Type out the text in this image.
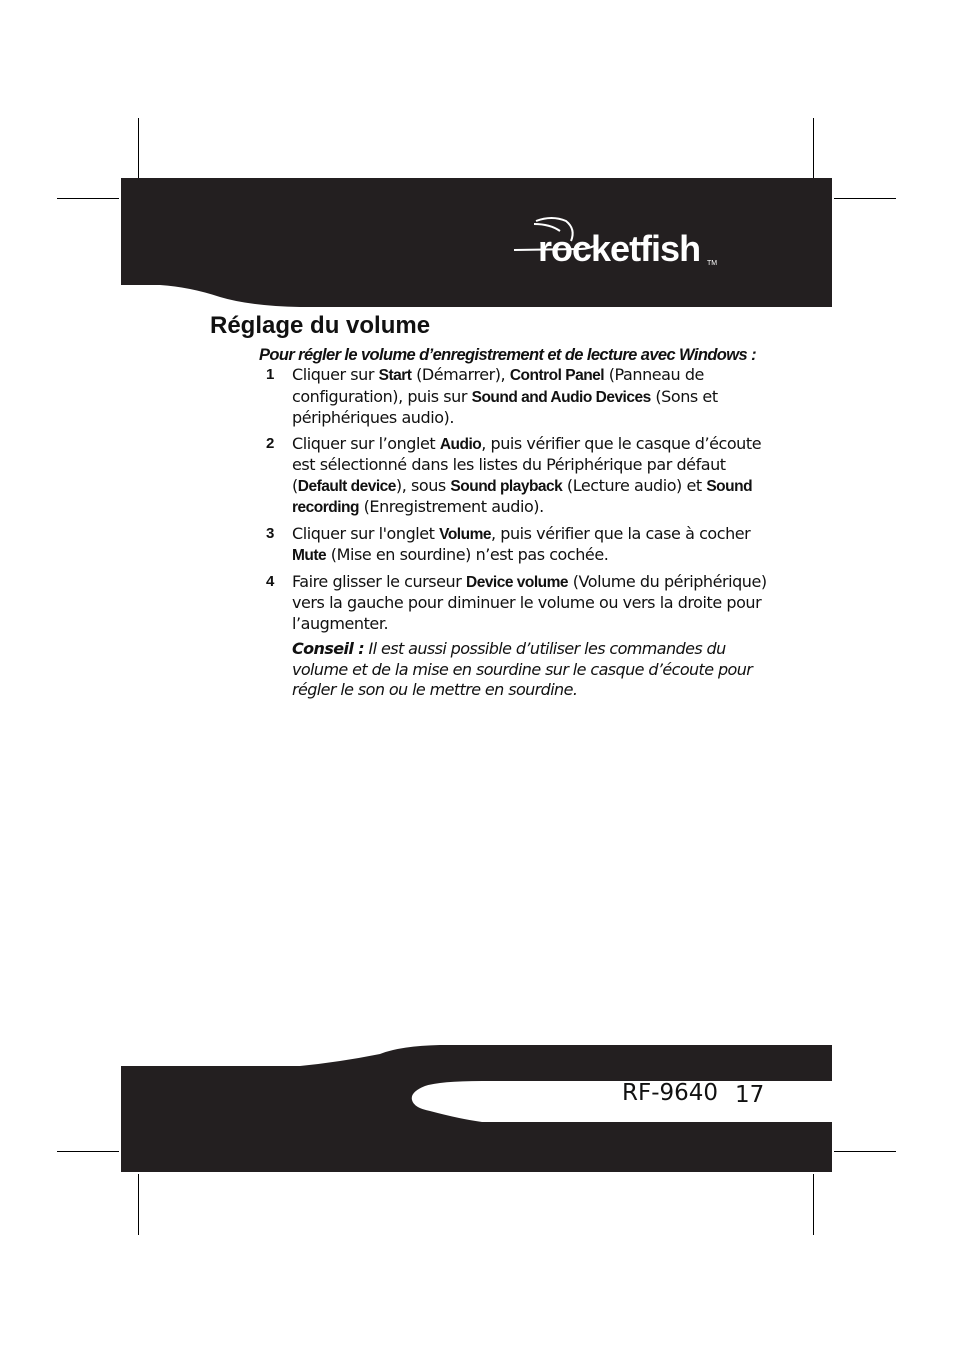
rocketfish TM
Réglage du volume
Pour régler le volume d’enregistrement et de lecture avec Windows :
1 Cliquer sur Start (Démarrer), Control Panel (Panneau de configuration), puis sur Sound and Audio Devices (Sons et périphériques audio).
2 Cliquer sur l’onglet Audio, puis vérifier que le casque d’écoute est sélectionné dans les listes du Périphérique par défaut (Default device), sous Sound playback (Lecture audio) et Sound recording (Enregistrement audio).
3 Cliquer sur l'onglet Volume, puis vérifier que la case à cocher Mute (Mise en sourdine) n’est pas cochée.
4 Faire glisser le curseur Device volume (Volume du périphérique) vers la gauche pour diminuer le volume ou vers la droite pour l’augmenter.
Conseil : Il est aussi possible d’utiliser les commandes du volume et de la mise en sourdine sur le casque d’écoute pour régler le son ou le mettre en sourdine.
RF-9640 17
